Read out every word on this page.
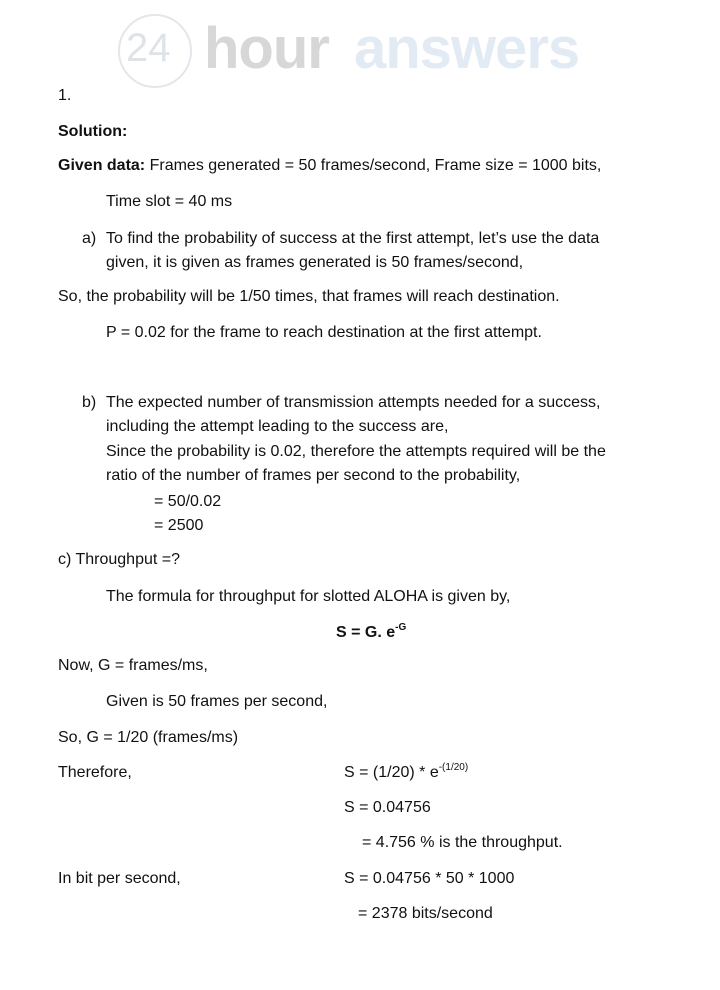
24 hour answers
1.
Solution:
Given data: Frames generated = 50 frames/second, Frame size = 1000 bits,
Time slot = 40 ms
a) To find the probability of success at the first attempt, let’s use the data
given, it is given as frames generated is 50 frames/second,
So, the probability will be 1/50 times, that frames will reach destination.
P = 0.02 for the frame to reach destination at the first attempt.
b) The expected number of transmission attempts needed for a success,
including the attempt leading to the success are,
Since the probability is 0.02, therefore the attempts required will be the
ratio of the number of frames per second to the probability,
= 50/0.02
= 2500
c) Throughput =?
The formula for throughput for slotted ALOHA is given by,
S = G. $e^{-G}$
Now, G = frames/ms,
Given is 50 frames per second,
So, G = 1/20 (frames/ms)
Therefore,	$S = (1/20) * e^{-(1/20)}$
S = 0.04756
= 4.756 % is the throughput.
In bit per second,	S = 0.04756 * 50 * 1000
= 2378 bits/second
